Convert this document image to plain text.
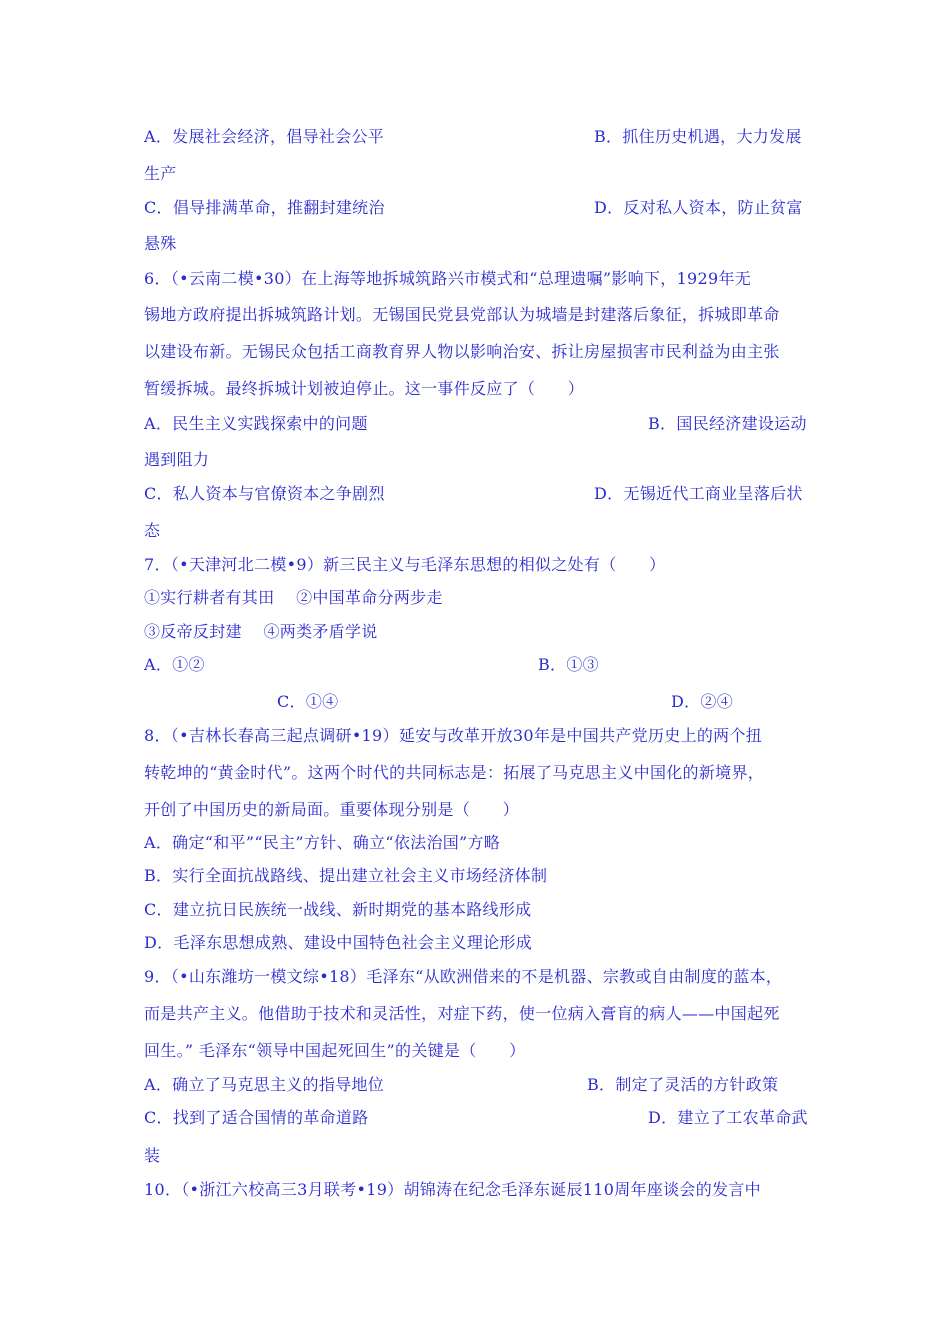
A．发展社会经济，倡导社会公平	B．抓住历史机遇，大力发展
生产
C．倡导排满革命，推翻封建统治	D．反对私人资本，防止贫富
悬殊
6．（•云南二模•30）在上海等地拆城筑路兴市模式和“总理遗嘱”影响下，1929年无
锡地方政府提出拆城筑路计划。无锡国民党县党部认为城墙是封建落后象征，拆城即革命
以建设布新。无锡民众包括工商教育界人物以影响治安、拆让房屋损害市民利益为由主张
暂缓拆城。最终拆城计划被迫停止。这一事件反应了（　　）
A．民生主义实践探索中的问题	B．国民经济建设运动
遇到阻力
C．私人资本与官僚资本之争剧烈	D．无锡近代工商业呈落后状
态
7．（•天津河北二模•9）新三民主义与毛泽东思想的相似之处有（　　）
①实行耕者有其田　 ②中国革命分两步走
③反帝反封建　 ④两类矛盾学说
A．①②	B．①③
C．①④	D．②④
8．（•吉林长春高三起点调研•19）延安与改革开放30年是中国共产党历史上的两个扭
转乾坤的“黄金时代”。这两个时代的共同标志是：拓展了马克思主义中国化的新境界，
开创了中国历史的新局面。重要体现分别是（　　）
A．确定“和平”“民主”方针、确立“依法治国”方略
B．实行全面抗战路线、提出建立社会主义市场经济体制
C．建立抗日民族统一战线、新时期党的基本路线形成
D．毛泽东思想成熟、建设中国特色社会主义理论形成
9．（•山东潍坊一模文综•18）毛泽东“从欧洲借来的不是机器、宗教或自由制度的蓝本，
而是共产主义。他借助于技术和灵活性，对症下药，使一位病入膏肓的病人——中国起死
回生。” 毛泽东“领导中国起死回生”的关键是（　　）
A．确立了马克思主义的指导地位	B．制定了灵活的方针政策
C．找到了适合国情的革命道路	D．建立了工农革命武
装
10．（•浙江六校高三3月联考•19）胡锦涛在纪念毛泽东诞辰110周年座谈会的发言中
